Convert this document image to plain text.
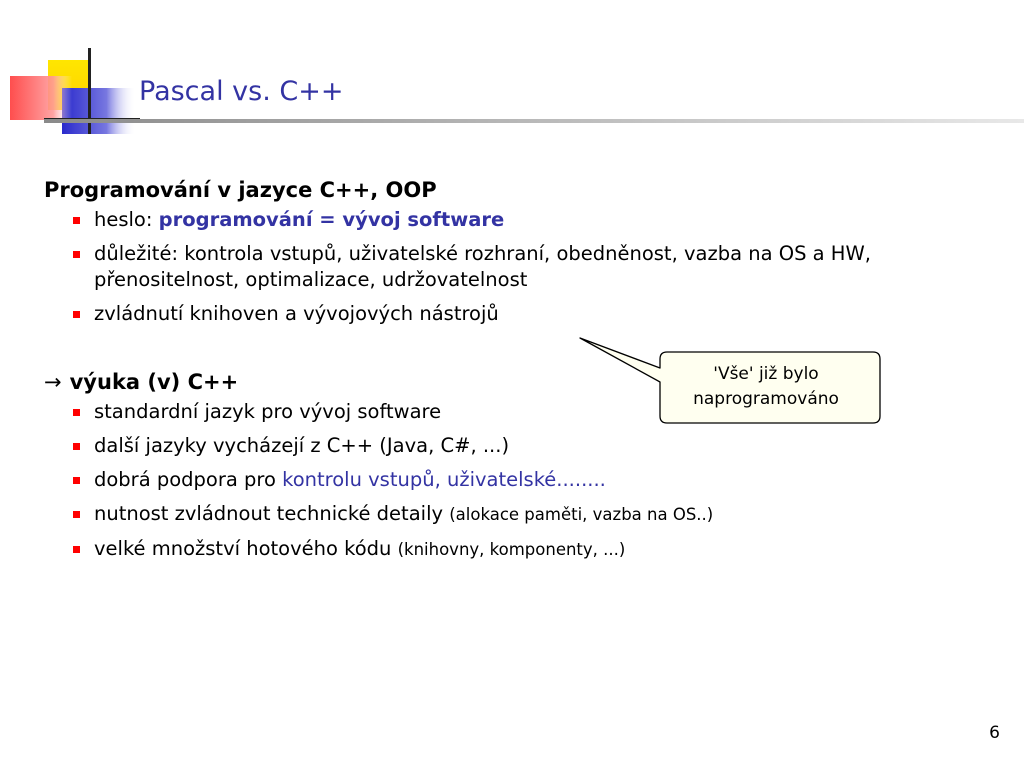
Pascal vs. C++

Programování v jazyce C++, OOP

heslo: programování = vývoj software
důležité: kontrola vstupů, uživatelské rozhraní, obedněnost, vazba na OS a HW, přenositelnost, optimalizace, udržovatelnost
zvládnutí knihoven a vývojových nástrojů

→ výuka (v) C++

standardní jazyk pro vývoj software
další jazyky vycházejí z C++ (Java, C#, ...)
dobrá podpora pro kontrolu vstupů, uživatelské........
nutnost zvládnout technické detaily (alokace paměti, vazba na OS..)
velké množství hotového kódu (knihovny, komponenty, ...)
'Vše' již bylo naprogramováno
6
